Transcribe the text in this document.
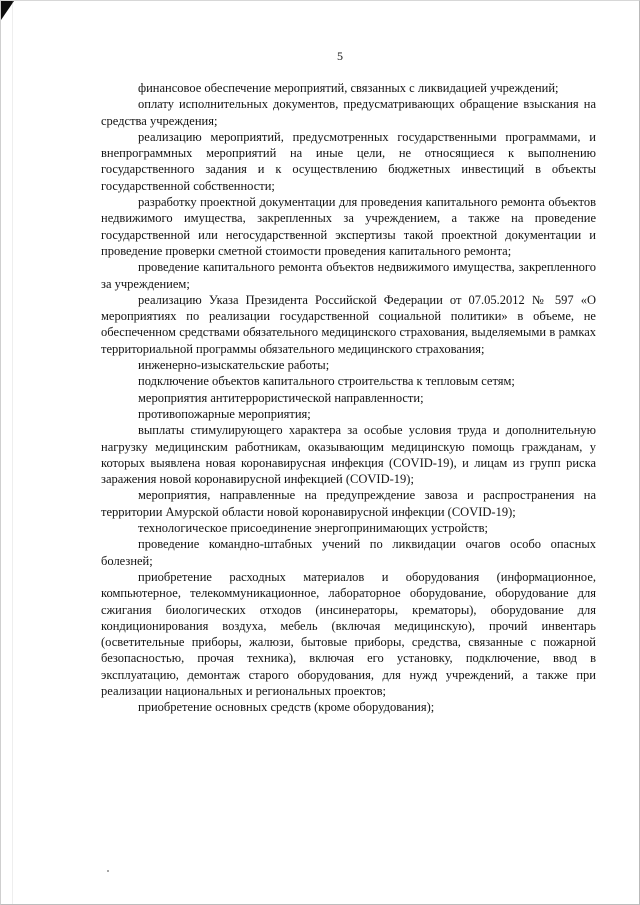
5

финансовое обеспечение мероприятий, связанных с ликвидацией учреждений;

оплату исполнительных документов, предусматривающих обращение взыскания на средства учреждения;

реализацию мероприятий, предусмотренных государственными программами, и внепрограммных мероприятий на иные цели, не относящиеся к выполнению государственного задания и к осуществлению бюджетных инвестиций в объекты государственной собственности;

разработку проектной документации для проведения капитального ремонта объектов недвижимого имущества, закрепленных за учреждением, а также на проведение государственной или негосударственной экспертизы такой проектной документации и проведение проверки сметной стоимости проведения капитального ремонта;

проведение капитального ремонта объектов недвижимого имущества, закрепленного за учреждением;

реализацию Указа Президента Российской Федерации от 07.05.2012 № 597 «О мероприятиях по реализации государственной социальной политики» в объеме, не обеспеченном средствами обязательного медицинского страхования, выделяемыми в рамках территориальной программы обязательного медицинского страхования;

инженерно-изыскательские работы;

подключение объектов капитального строительства к тепловым сетям;

мероприятия антитеррористической направленности;

противопожарные мероприятия;

выплаты стимулирующего характера за особые условия труда и дополнительную нагрузку медицинским работникам, оказывающим медицинскую помощь гражданам, у которых выявлена новая коронавирусная инфекция (COVID-19), и лицам из групп риска заражения новой коронавирусной инфекцией (COVID-19);

мероприятия, направленные на предупреждение завоза и распространения на территории Амурской области новой коронавирусной инфекции (COVID-19);

технологическое присоединение энергопринимающих устройств;

проведение командно-штабных учений по ликвидации очагов особо опасных болезней;

приобретение расходных материалов и оборудования (информационное, компьютерное, телекоммуникационное, лабораторное оборудование, оборудование для сжигания биологических отходов (инсинераторы, крематоры), оборудование для кондиционирования воздуха, мебель (включая медицинскую), прочий инвентарь (осветительные приборы, жалюзи, бытовые приборы, средства, связанные с пожарной безопасностью, прочая техника), включая его установку, подключение, ввод в эксплуатацию, демонтаж старого оборудования, для нужд учреждений, а также при реализации национальных и региональных проектов;

приобретение основных средств (кроме оборудования);
